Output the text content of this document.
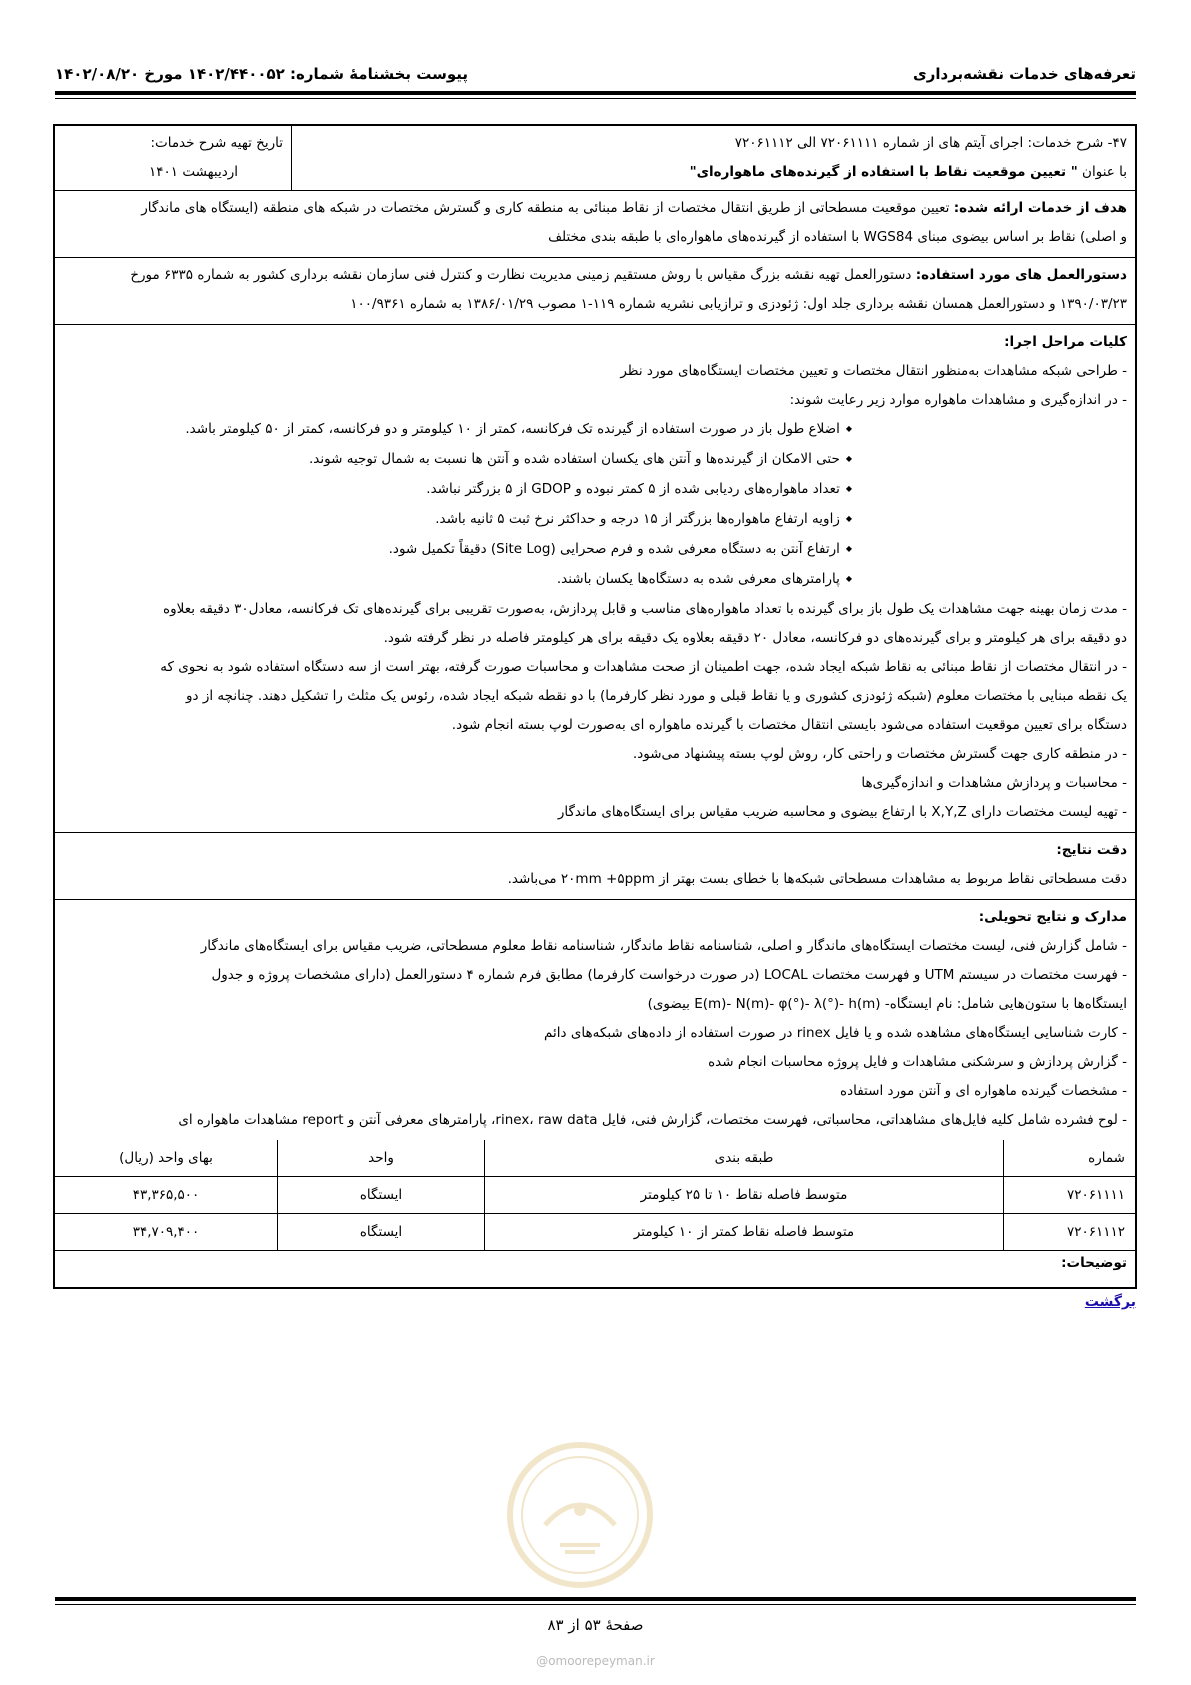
تعرفه‌های خدمات نقشه‌برداری
پیوست بخشنامهٔ شماره: ۱۴۰۲/۴۴۰۰۵۲ مورخ ۱۴۰۲/۰۸/۲۰
۴۷- شرح خدمات: اجرای آیتم های از شماره ۷۲۰۶۱۱۱۱ الی ۷۲۰۶۱۱۱۲
با عنوان " تعیین موقعیت نقاط با استفاده از گیرنده‌های ماهواره‌ای"
تاریخ تهیه شرح خدمات:
اردیبهشت ۱۴۰۱
هدف از خدمات ارائه شده: تعیین موقعیت مسطحاتی از طریق انتقال مختصات از نقاط مبنائی به منطقه کاری و گسترش مختصات در شبکه های منطقه (ایستگاه های ماندگار
و اصلی) نقاط بر اساس بیضوی مبنای WGS84 با استفاده از گیرنده‌های ماهواره‌ای با طبقه بندی مختلف
دستورالعمل های مورد استفاده: دستورالعمل تهیه نقشه بزرگ مقیاس با روش مستقیم زمینی مدیریت نظارت و کنترل فنی سازمان نقشه برداری کشور به شماره ۶۳۳۵ مورخ
۱۳۹۰/۰۳/۲۳ و دستورالعمل همسان نقشه برداری جلد اول: ژئودزی و ترازیابی نشریه شماره ۱۱۹-۱ مصوب ۱۳۸۶/۰۱/۲۹ به شماره ۱۰۰/۹۳۶۱
کلیات مراحل اجرا:
- طراحی شبکه مشاهدات به‌منظور انتقال مختصات و تعیین مختصات ایستگاه‌های مورد نظر
- در اندازه‌گیری و مشاهدات ماهواره موارد زیر رعایت شوند:
◆ اضلاع طول باز در صورت استفاده از گیرنده تک فرکانسه، کمتر از ۱۰ کیلومتر و دو فرکانسه، کمتر از ۵۰ کیلومتر باشد.
◆ حتی الامکان از گیرنده‌ها و آنتن های یکسان استفاده شده و آنتن ها نسبت به شمال توجیه شوند.
◆ تعداد ماهواره‌های ردیابی شده از ۵ کمتر نبوده و GDOP از ۵ بزرگتر نباشد.
◆ زاویه ارتفاع ماهواره‌ها بزرگتر از ۱۵ درجه و حداکثر نرخ ثبت ۵ ثانیه باشد.
◆ ارتفاع آنتن به دستگاه معرفی شده و فرم صحرایی (Site Log) دقیقاً تکمیل شود.
◆ پارامترهای معرفی شده به دستگاه‌ها یکسان باشند.
- مدت زمان بهینه جهت مشاهدات یک طول باز برای گیرنده با تعداد ماهواره‌های مناسب و قابل پردازش، به‌صورت تقریبی برای گیرنده‌های تک فرکانسه، معادل۳۰ دقیقه بعلاوه
دو دقیقه برای هر کیلومتر و برای گیرنده‌های دو فرکانسه، معادل ۲۰ دقیقه بعلاوه یک دقیقه برای هر کیلومتر فاصله در نظر گرفته شود.
- در انتقال مختصات از نقاط مبنائی به نقاط شبکه ایجاد شده، جهت اطمینان از صحت مشاهدات و محاسبات صورت گرفته، بهتر است از سه دستگاه استفاده شود به نحوی که
یک نقطه مبنایی با مختصات معلوم (شبکه ژئودزی کشوری و یا نقاط قبلی و مورد نظر کارفرما) با دو نقطه شبکه ایجاد شده، رئوس یک مثلث را تشکیل دهند. چنانچه از دو
دستگاه برای تعیین موقعیت استفاده می‌شود بایستی انتقال مختصات با گیرنده ماهواره ای به‌صورت لوپ بسته انجام شود.
- در منطقه کاری جهت گسترش مختصات و راحتی کار، روش لوپ بسته پیشنهاد می‌شود.
- محاسبات و پردازش مشاهدات و اندازه‌گیری‌ها
- تهیه لیست مختصات دارای X,Y,Z با ارتفاع بیضوی و محاسبه ضریب مقیاس برای ایستگاه‌های ماندگار
دقت نتایج:
دقت مسطحاتی نقاط مربوط به مشاهدات مسطحاتی شبکه‌ها با خطای بست بهتر از ۲۰mm +۵ppm می‌باشد.
مدارک و نتایج تحویلی:
- شامل گزارش فنی، لیست مختصات ایستگاه‌های ماندگار و اصلی، شناسنامه نقاط ماندگار، شناسنامه نقاط معلوم مسطحاتی، ضریب مقیاس برای ایستگاه‌های ماندگار
- فهرست مختصات در سیستم UTM و فهرست مختصات LOCAL (در صورت درخواست کارفرما) مطابق فرم شماره ۴ دستورالعمل (دارای مشخصات پروژه و جدول
ایستگاه‌ها با ستون‌هایی شامل: نام ایستگاه- E(m)- N(m)- φ(°)- λ(°)- h(m) بیضوی)
- کارت شناسایی ایستگاه‌های مشاهده شده و یا فایل rinex در صورت استفاده از داده‌های شبکه‌های دائم
- گزارش پردازش و سرشکنی مشاهدات و فایل پروژه محاسبات انجام شده
- مشخصات گیرنده ماهواره ای و آنتن مورد استفاده
- لوح فشرده شامل کلیه فایل‌های مشاهداتی، محاسباتی، فهرست مختصات، گزارش فنی، فایل rinex، raw data، پارامترهای معرفی آنتن و report مشاهدات ماهواره ای
شماره	طبقه بندی	واحد	بهای واحد (ریال)
۷۲۰۶۱۱۱۱	متوسط فاصله نقاط ۱۰ تا ۲۵ کیلومتر	ایستگاه	۴۳,۳۶۵,۵۰۰
۷۲۰۶۱۱۱۲	متوسط فاصله نقاط کمتر از ۱۰ کیلومتر	ایستگاه	۳۴,۷۰۹,۴۰۰
توضیحات:
برگشت
صفحهٔ ۵۳ از ۸۳
@omoorepeyman.ir
